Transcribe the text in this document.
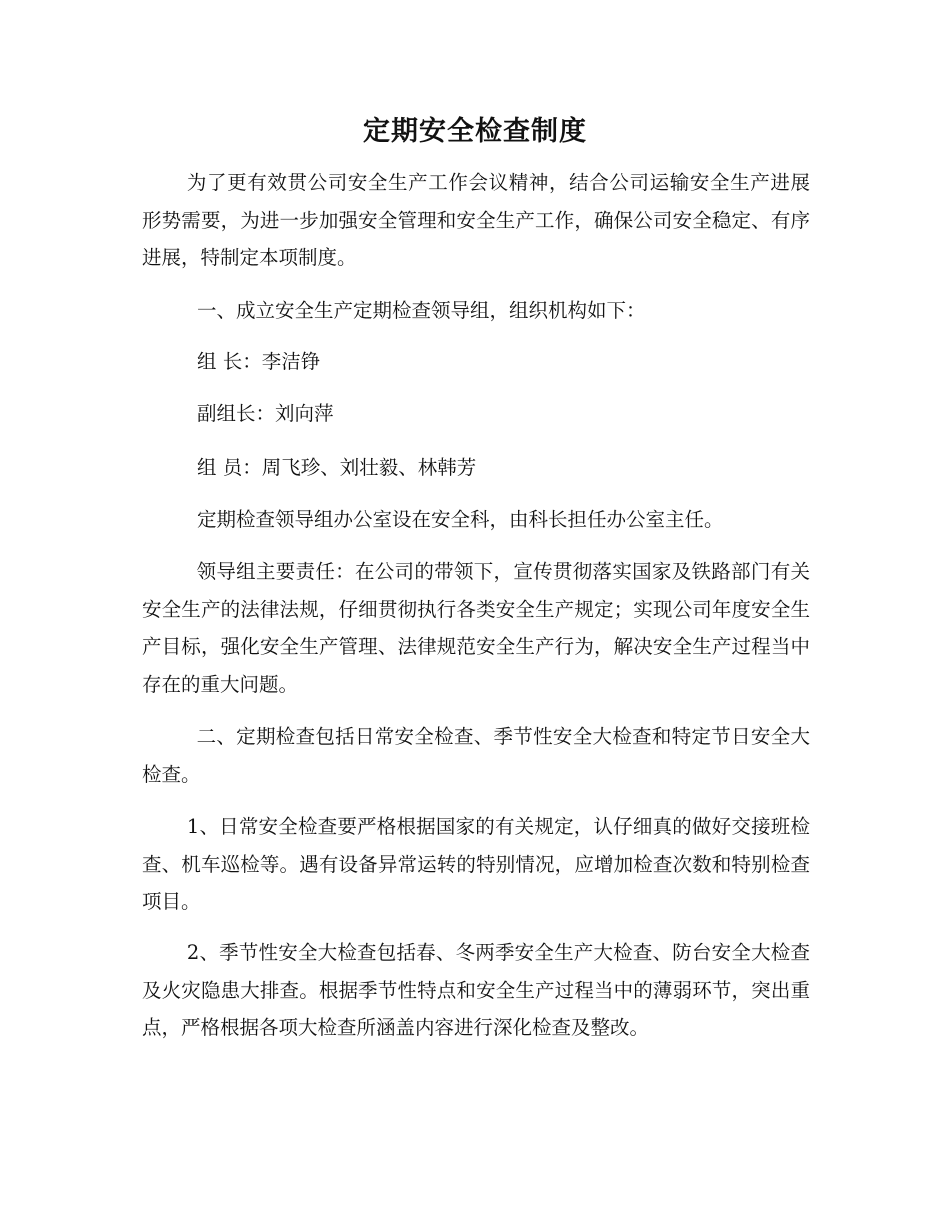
定期安全检查制度

为了更有效贯公司安全生产工作会议精神，结合公司运输安全生产进展形势需要，为进一步加强安全管理和安全生产工作，确保公司安全稳定、有序进展，特制定本项制度。

一、成立安全生产定期检查领导组，组织机构如下：

组 长：李洁铮

副组长：刘向萍

组 员：周飞珍、刘壮毅、林韩芳

定期检查领导组办公室设在安全科，由科长担任办公室主任。

领导组主要责任：在公司的带领下，宣传贯彻落实国家及铁路部门有关安全生产的法律法规，仔细贯彻执行各类安全生产规定；实现公司年度安全生产目标，强化安全生产管理、法律规范安全生产行为，解决安全生产过程当中存在的重大问题。

二、定期检查包括日常安全检查、季节性安全大检查和特定节日安全大检查。

1、日常安全检查要严格根据国家的有关规定，认仔细真的做好交接班检查、机车巡检等。遇有设备异常运转的特别情况，应增加检查次数和特别检查项目。

2、季节性安全大检查包括春、冬两季安全生产大检查、防台安全大检查及火灾隐患大排查。根据季节性特点和安全生产过程当中的薄弱环节，突出重点，严格根据各项大检查所涵盖内容进行深化检查及整改。
